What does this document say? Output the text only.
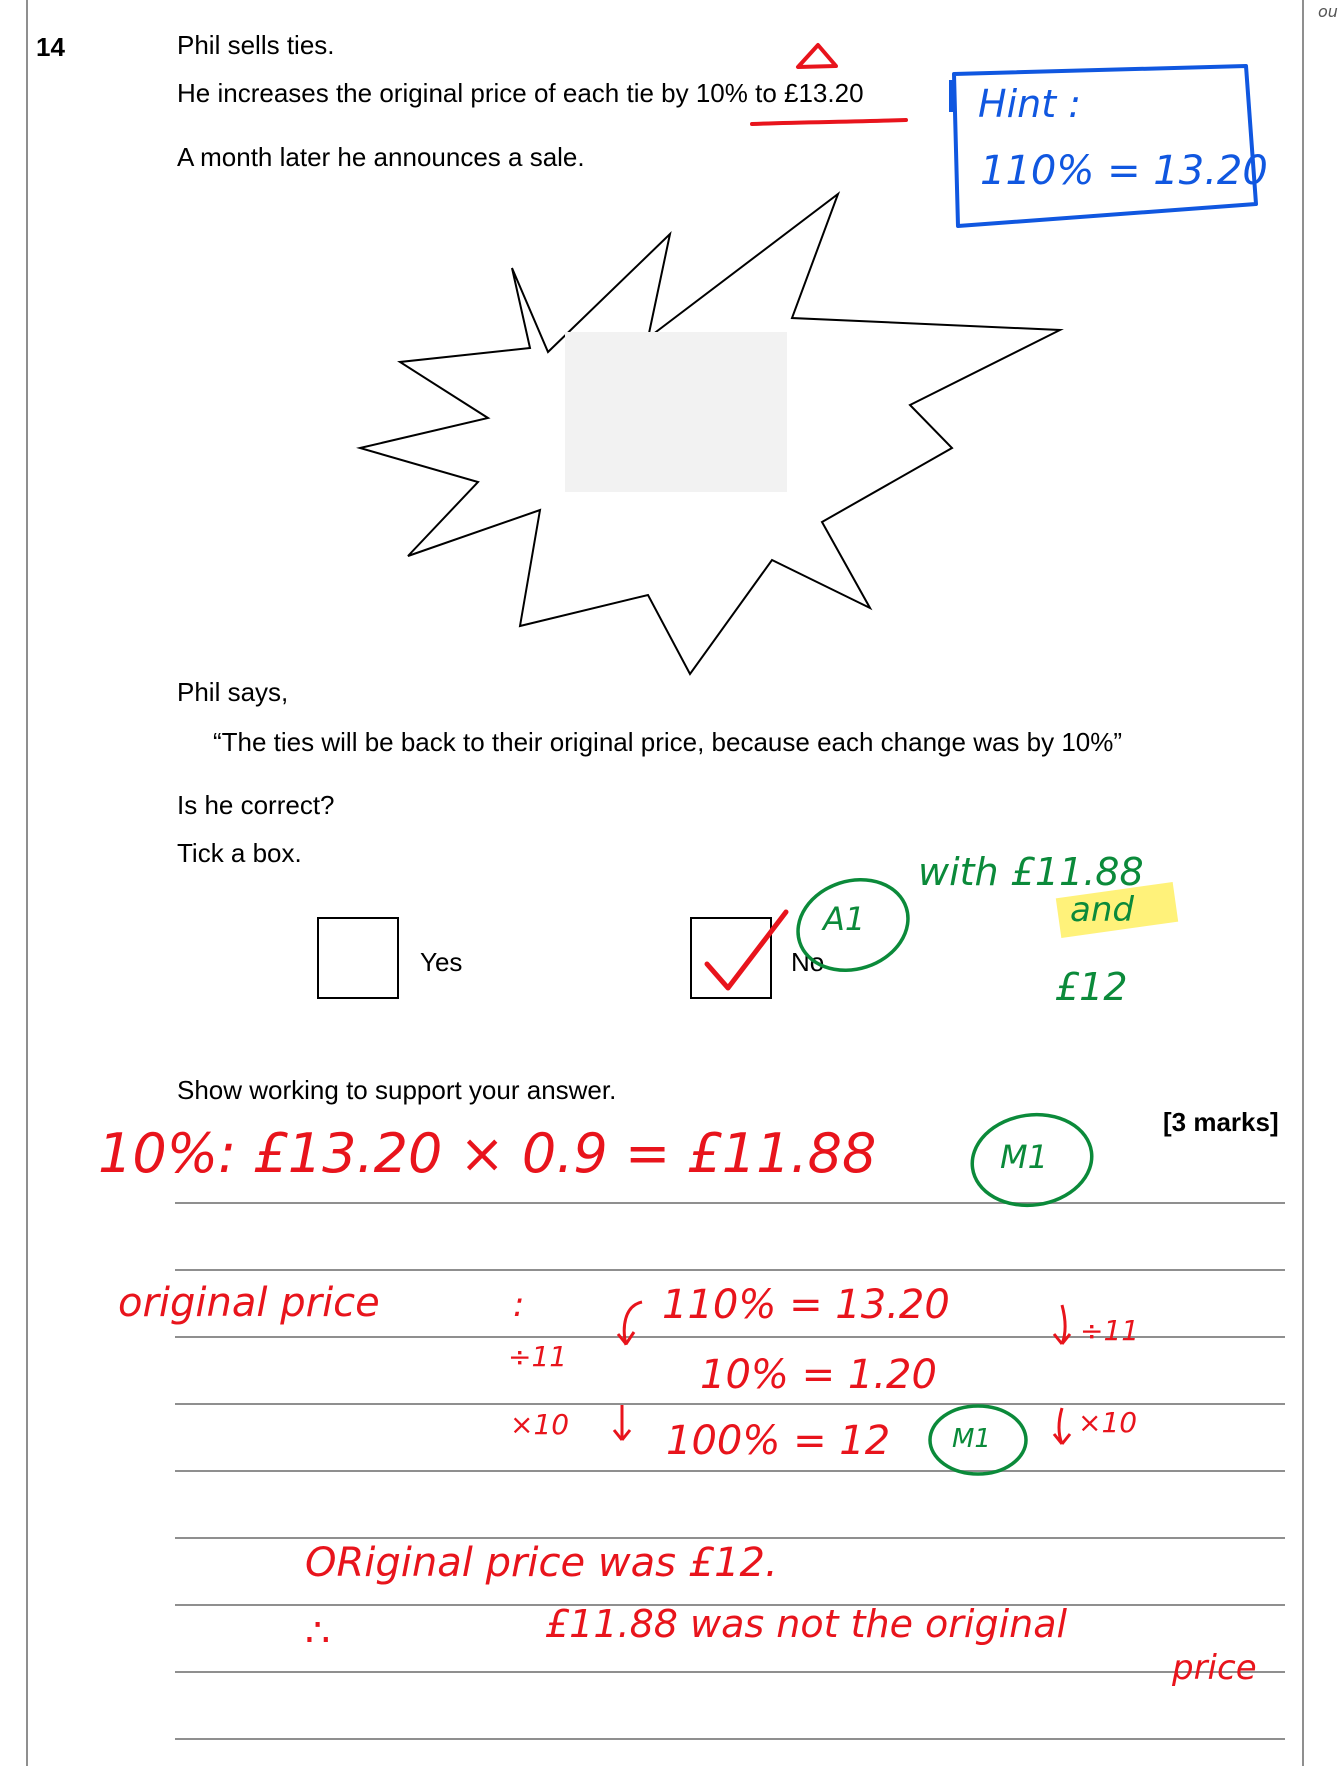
ou
14	Phil sells ties.
He increases the original price of each tie by 10% to £13.20
A month later he announces a sale.
Phil says,
“The ties will be back to their original price, because each change was by 10%”
Is he correct?
Tick a box.
Yes	No
Show working to support your answer.
[3 marks]
Hint :
110% = 13.20
A1
with £11.88
and
£12
10%: £13.20 × 0.9 = £11.88	M1
original price	:
÷11
×10
110% = 13.20
10% = 1.20
100% = 12 M1
÷11
×10
ORiginal price was £12.
∴	£11.88 was not the original
price
